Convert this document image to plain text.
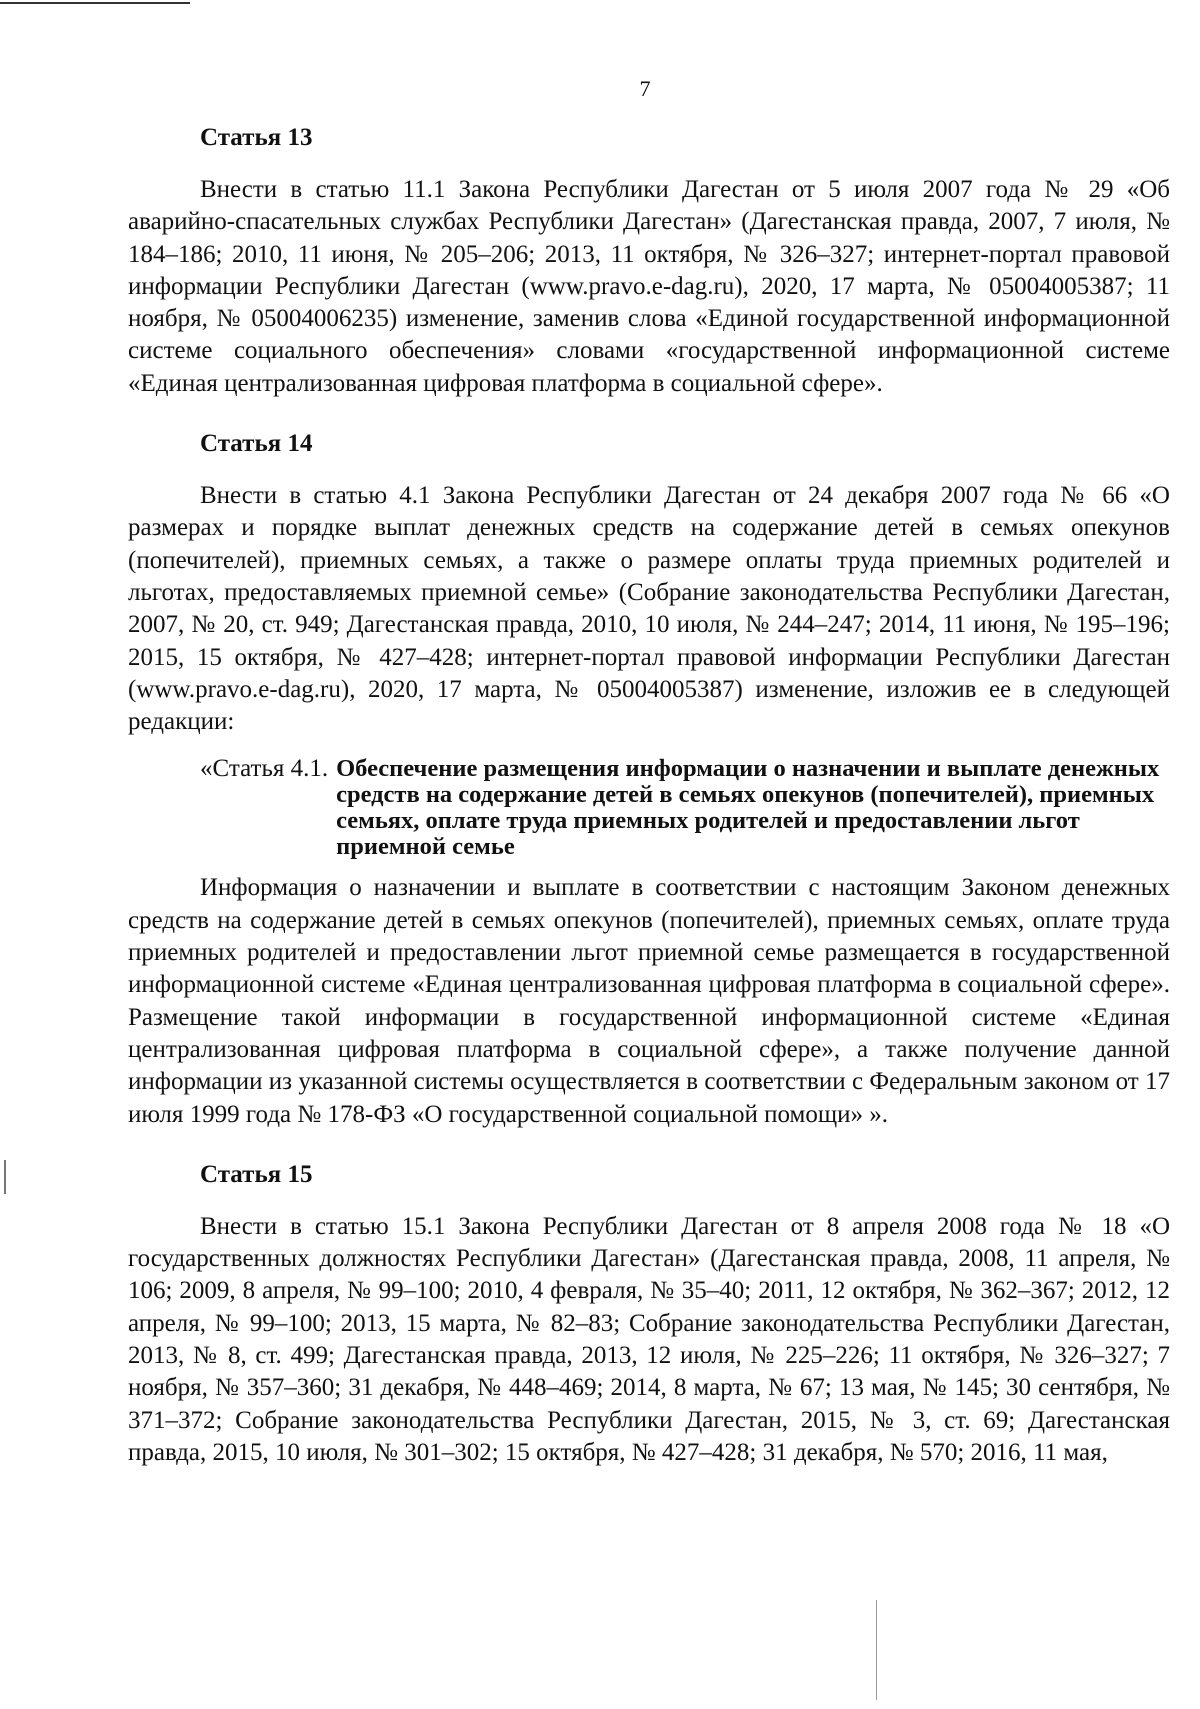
7
Статья 13

Внести в статью 11.1 Закона Республики Дагестан от 5 июля 2007 года № 29 «Об аварийно-спасательных службах Республики Дагестан» (Дагестанская правда, 2007, 7 июля, № 184–186; 2010, 11 июня, № 205–206; 2013, 11 октября, № 326–327; интернет-портал правовой информации Республики Дагестан (www.pravo.e-dag.ru), 2020, 17 марта, № 05004005387; 11 ноября, № 05004006235) изменение, заменив слова «Единой государственной информационной системе социального обеспечения» словами «государственной информационной системе «Единая централизованная цифровая платформа в социальной сфере».

Статья 14

Внести в статью 4.1 Закона Республики Дагестан от 24 декабря 2007 года № 66 «О размерах и порядке выплат денежных средств на содержание детей в семьях опекунов (попечителей), приемных семьях, а также о размере оплаты труда приемных родителей и льготах, предоставляемых приемной семье» (Собрание законодательства Республики Дагестан, 2007, № 20, ст. 949; Дагестанская правда, 2010, 10 июля, № 244–247; 2014, 11 июня, № 195–196; 2015, 15 октября, № 427–428; интернет-портал правовой информации Республики Дагестан (www.pravo.e-dag.ru), 2020, 17 марта, № 05004005387) изменение, изложив ее в следующей редакции:

«Статья 4.1. Обеспечение размещения информации о назначении и выплате денежных средств на содержание детей в семьях опекунов (попечителей), приемных семьях, оплате труда приемных родителей и предоставлении льгот приемной семье

Информация о назначении и выплате в соответствии с настоящим Законом денежных средств на содержание детей в семьях опекунов (попечителей), приемных семьях, оплате труда приемных родителей и предоставлении льгот приемной семье размещается в государственной информационной системе «Единая централизованная цифровая платформа в социальной сфере». Размещение такой информации в государственной информационной системе «Единая централизованная цифровая платформа в социальной сфере», а также получение данной информации из указанной системы осуществляется в соответствии с Федеральным законом от 17 июля 1999 года № 178-ФЗ «О государственной социальной помощи» ».

Статья 15

Внести в статью 15.1 Закона Республики Дагестан от 8 апреля 2008 года № 18 «О государственных должностях Республики Дагестан» (Дагестанская правда, 2008, 11 апреля, № 106; 2009, 8 апреля, № 99–100; 2010, 4 февраля, № 35–40; 2011, 12 октября, № 362–367; 2012, 12 апреля, № 99–100; 2013, 15 марта, № 82–83; Собрание законодательства Республики Дагестан, 2013, № 8, ст. 499; Дагестанская правда, 2013, 12 июля, № 225–226; 11 октября, № 326–327; 7 ноября, № 357–360; 31 декабря, № 448–469; 2014, 8 марта, № 67; 13 мая, № 145; 30 сентября, № 371–372; Собрание законодательства Республики Дагестан, 2015, № 3, ст. 69; Дагестанская правда, 2015, 10 июля, № 301–302; 15 октября, № 427–428; 31 декабря, № 570; 2016, 11 мая,
